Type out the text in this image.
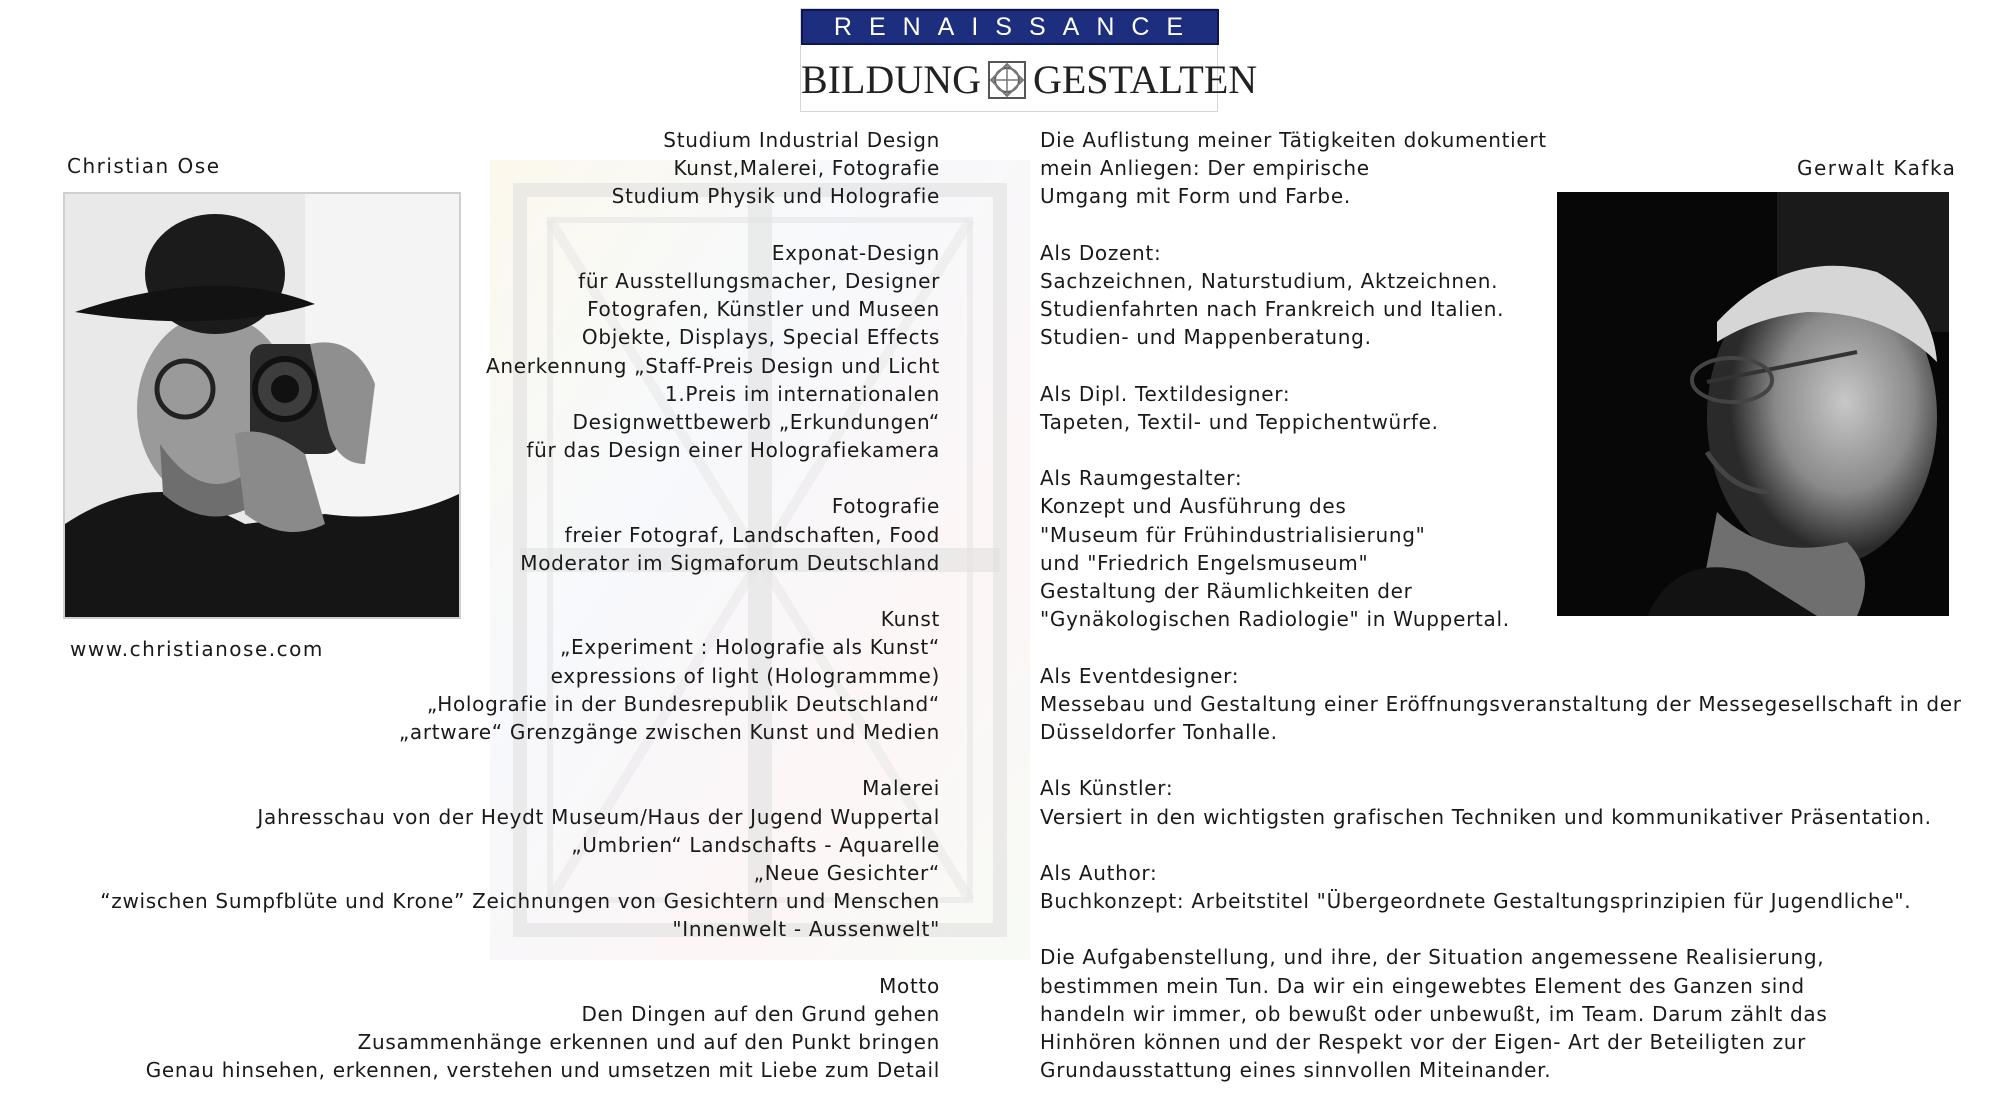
RENAISSANCE
BILDUNG GESTALTEN
Christian Ose
www.christianose.com
Gerwalt Kafka
Studium Industrial Design
Kunst,Malerei, Fotografie
Studium Physik und Holografie
Exponat-Design
für Ausstellungsmacher, Designer
Fotografen, Künstler und Museen
Objekte, Displays, Special Effects
Anerkennung „Staff-Preis Design und Licht
1.Preis im internationalen
Designwettbewerb „Erkundungen“
für das Design einer Holografiekamera
Fotografie
freier Fotograf, Landschaften, Food
Moderator im Sigmaforum Deutschland
Kunst
„Experiment : Holografie als Kunst“
expressions of light (Hologrammme)
„Holografie in der Bundesrepublik Deutschland“
„artware“ Grenzgänge zwischen Kunst und Medien
Malerei
Jahresschau von der Heydt Museum/Haus der Jugend Wuppertal
„Umbrien“ Landschafts - Aquarelle
„Neue Gesichter“
“zwischen Sumpfblüte und Krone” Zeichnungen von Gesichtern und Menschen
"Innenwelt - Aussenwelt"
Motto
Den Dingen auf den Grund gehen
Zusammenhänge erkennen und auf den Punkt bringen
Genau hinsehen, erkennen, verstehen und umsetzen mit Liebe zum Detail
Die Auflistung meiner Tätigkeiten dokumentiert
mein Anliegen: Der empirische
Umgang mit Form und Farbe.
Als Dozent:
Sachzeichnen, Naturstudium, Aktzeichnen.
Studienfahrten nach Frankreich und Italien.
Studien- und Mappenberatung.
Als Dipl. Textildesigner:
Tapeten, Textil- und Teppichentwürfe.
Als Raumgestalter:
Konzept und Ausführung des
"Museum für Frühindustrialisierung"
und "Friedrich Engelsmuseum"
Gestaltung der Räumlichkeiten der
"Gynäkologischen Radiologie" in Wuppertal.
Als Eventdesigner:
Messebau und Gestaltung einer Eröffnungsveranstaltung der Messegesellschaft in der
Düsseldorfer Tonhalle.
Als Künstler:
Versiert in den wichtigsten grafischen Techniken und kommunikativer Präsentation.
Als Author:
Buchkonzept: Arbeitstitel "Übergeordnete Gestaltungsprinzipien für Jugendliche".
Die Aufgabenstellung, und ihre, der Situation angemessene Realisierung,
bestimmen mein Tun. Da wir ein eingewebtes Element des Ganzen sind
handeln wir immer, ob bewußt oder unbewußt, im Team. Darum zählt das
Hinhören können und der Respekt vor der Eigen- Art der Beteiligten zur
Grundausstattung eines sinnvollen Miteinander.
